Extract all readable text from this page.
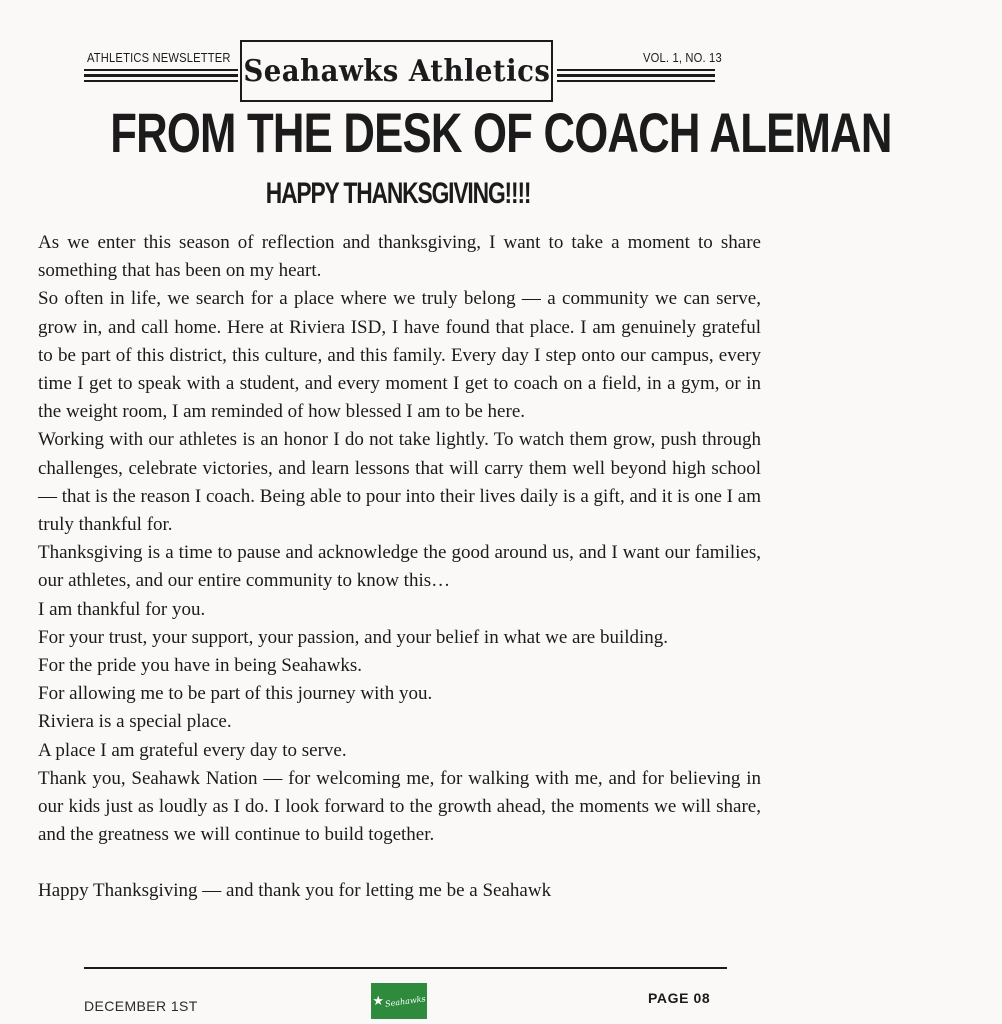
ATHLETICS NEWSLETTER Seahawks Athletics	VOL. 1, NO. 13
FROM THE DESK OF COACH ALEMAN
HAPPY THANKSGIVING!!!!

As we enter this season of reflection and thanksgiving, I want to take a moment to share something that has been on my heart.

So often in life, we search for a place where we truly belong — a community we can serve, grow in, and call home. Here at Riviera ISD, I have found that place. I am genuinely grateful to be part of this district, this culture, and this family. Every day I step onto our campus, every time I get to speak with a student, and every moment I get to coach on a field, in a gym, or in the weight room, I am reminded of how blessed I am to be here.

Working with our athletes is an honor I do not take lightly. To watch them grow, push through challenges, celebrate victories, and learn lessons that will carry them well beyond high school — that is the reason I coach. Being able to pour into their lives daily is a gift, and it is one I am truly thankful for.

Thanksgiving is a time to pause and acknowledge the good around us, and I want our families, our athletes, and our entire community to know this…

I am thankful for you.

For your trust, your support, your passion, and your belief in what we are building.

For the pride you have in being Seahawks.

For allowing me to be part of this journey with you.

Riviera is a special place.

A place I am grateful every day to serve.

Thank you, Seahawk Nation — for welcoming me, for walking with me, and for believing in our kids just as loudly as I do. I look forward to the growth ahead, the moments we will share, and the greatness we will continue to build together.

Happy Thanksgiving — and thank you for letting me be a Seahawk

DECEMBER 1ST	★ Seahawks	PAGE 08
